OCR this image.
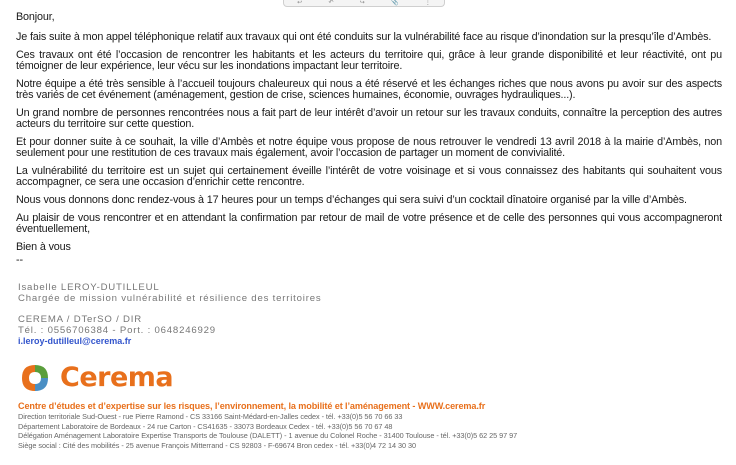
↩	↶	↪	📎	⋮

Bonjour,

Je fais suite à mon appel téléphonique relatif aux travaux qui ont été conduits sur la vulnérabilité face au risque d’inondation sur la presqu’île d’Ambès.

Ces travaux ont été l’occasion de rencontrer les habitants et les acteurs du territoire qui, grâce à leur grande disponibilité et leur réactivité, ont pu témoigner de leur expérience, leur vécu sur les inondations impactant leur territoire.

Notre équipe a été très sensible à l’accueil toujours chaleureux qui nous a été réservé et les échanges riches que nous avons pu avoir sur des aspects très variés de cet événement (aménagement, gestion de crise, sciences humaines, économie, ouvrages hydrauliques...).

Un grand nombre de personnes rencontrées nous a fait part de leur intérêt d’avoir un retour sur les travaux conduits, connaître la perception des autres acteurs du territoire sur cette question.

Et pour donner suite à ce souhait, la ville d’Ambès et notre équipe vous propose de nous retrouver le vendredi 13 avril 2018 à la mairie d’Ambès, non seulement pour une restitution de ces travaux mais également, avoir l’occasion de partager un moment de convivialité.

La vulnérabilité du territoire est un sujet qui certainement éveille l’intérêt de votre voisinage et si vous connaissez des habitants qui souhaitent vous accompagner, ce sera une occasion d’enrichir cette rencontre.

Nous vous donnons donc rendez-vous à 17 heures pour un temps d’échanges qui sera suivi d’un cocktail dînatoire organisé par la ville d’Ambès.

Au plaisir de vous rencontrer et en attendant la confirmation par retour de mail de votre présence et de celle des personnes qui vous accompagneront éventuellement,

Bien à vous

--

Isabelle LEROY-DUTILLEUL
Chargée de mission vulnérabilité et résilience des territoires
CEREMA / DTerSO / DIR
Tél. : 0556706384 - Port. : 0648246929
i.leroy-dutilleul@cerema.fr
Cerema
Centre d’études et d’expertise sur les risques, l’environnement, la mobilité et l’aménagement - WWW.cerema.fr
Direction territoriale Sud-Ouest - rue Pierre Ramond - CS 33166 Saint-Médard-en-Jalles cedex - tél. +33(0)5 56 70 66 33
Département Laboratoire de Bordeaux - 24 rue Carton - CS41635 - 33073 Bordeaux Cedex - tél. +33(0)5 56 70 67 48
Délégation Aménagement Laboratoire Expertise Transports de Toulouse (DALETT) - 1 avenue du Colonel Roche - 31400 Toulouse - tél. +33(0)5 62 25 97 97
Siège social : Cité des mobilités - 25 avenue François Mitterrand - CS 92803 - F-69674 Bron cedex - tél. +33(0)4 72 14 30 30
